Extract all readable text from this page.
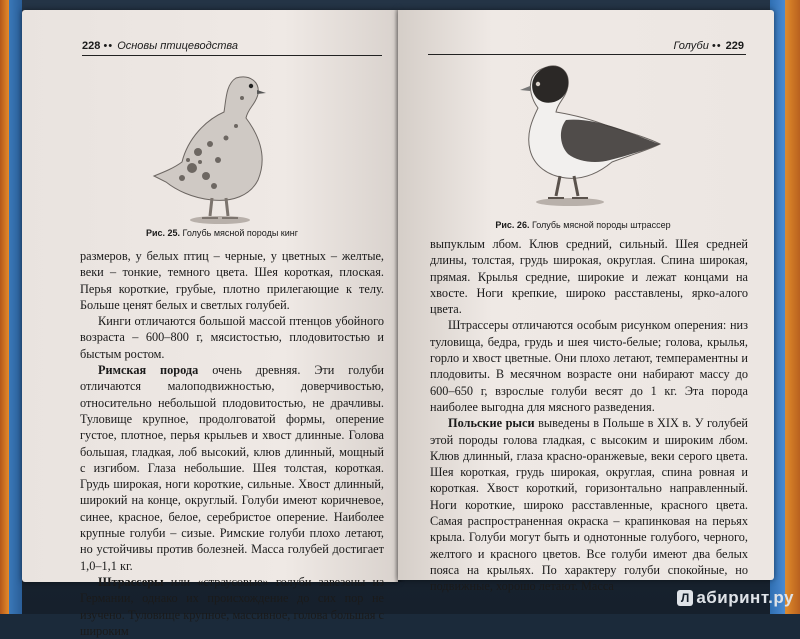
228 •• Основы птицеводства
Рис. 25. Голубь мясной породы кинг

размеров, у белых птиц – черные, у цветных – желтые, веки – тонкие, темного цвета. Шея короткая, плоская. Перья короткие, грубые, плотно прилегающие к телу. Больше ценят белых и светлых голубей.

Кинги отличаются большой массой птенцов убойного возраста – 600–800 г, мясистостью, плодовитостью и быстым ростом.

Римская порода очень древняя. Эти голуби отличаются малоподвижностью, доверчивостью, относительно небольшой плодовитостью, не драчливы. Туловище крупное, продолговатой формы, оперение густое, плотное, перья крыльев и хвост длинные. Голова большая, гладкая, лоб высокий, клюв длинный, мощный с изгибом. Глаза небольшие. Шея толстая, короткая. Грудь широкая, ноги короткие, сильные. Хвост длинный, широкий на конце, округлый. Голуби имеют коричневое, синее, красное, белое, серебристое оперение. Наиболее крупные голуби – сизые. Римские голуби плохо летают, но устойчивы против болезней. Масса голубей достигает 1,0–1,1 кг.

Штрассеры или «страусовые» голуби завезены из Германии, однако их происхождение до сих пор не изучено. Туловище крупное, массивное, голова большая с широким

Голуби •• 229
Рис. 26. Голубь мясной породы штрассер

выпуклым лбом. Клюв средний, сильный. Шея средней длины, толстая, грудь широкая, округлая. Спина широкая, прямая. Крылья средние, широкие и лежат концами на хвосте. Ноги крепкие, широко расставлены, ярко-алого цвета.

Штрассеры отличаются особым рисунком оперения: низ туловища, бедра, грудь и шея чисто-белые; голова, крылья, горло и хвост цветные. Они плохо летают, темпераментны и плодовиты. В месячном возрасте они набирают массу до 600–650 г, взрослые голуби весят до 1 кг. Эта порода наиболее выгодна для мясного разведения.

Польские рыси выведены в Польше в XIX в. У голубей этой породы голова гладкая, с высоким и широким лбом. Клюв длинный, глаза красно-оранжевые, веки серого цвета. Шея короткая, грудь широкая, округлая, спина ровная и короткая. Хвост короткий, горизонтально направленный. Ноги короткие, широко расставленные, красного цвета. Самая распространенная окраска – крапинковая на перьях крыла. Голуби могут быть и однотонные голубого, черного, желтого и красного цветов. Все голуби имеют два белых пояса на крыльях. По характеру голуби спокойные, но подвижные, хорошо летают. Масса

Л абиринт.ру
